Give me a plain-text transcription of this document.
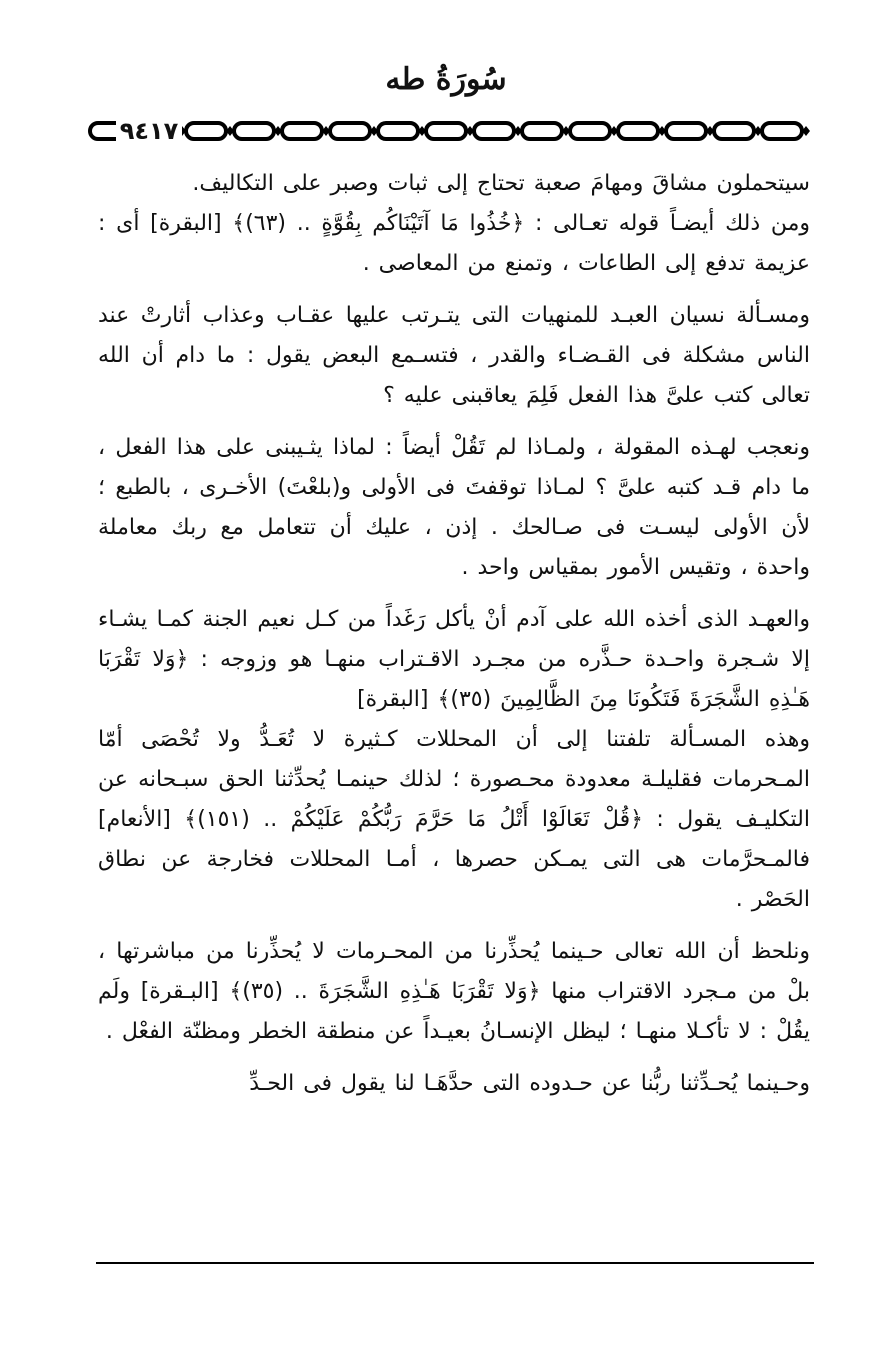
سُورَةُ طه
٩٤١٧

سيتحملون مشاقَ ومهامَ صعبة تحتاج إلى ثبات وصبر على التكاليف.

ومن ذلك أيضـاً قوله تعـالى : ﴿خُذُوا مَا آتَيْنَاكُم بِقُوَّةٍ .. (٦٣)﴾ [البقرة] أى : عزيمة تدفع إلى الطاعات ، وتمنع من المعاصى .

ومسـألة نسيان العبـد للمنهيات التى يتـرتب عليها عقـاب وعذاب أثارتْ عند الناس مشكلة فى القـضـاء والقدر ، فتسـمع البعض يقول : ما دام أن الله تعالى كتب علىَّ هذا الفعل فَلِمَ يعاقبنى عليه ؟

ونعجب لهـذه المقولة ، ولمـاذا لم تَقُلْ أيضاً : لماذا يثـيبنى على هذا الفعل ، ما دام قـد كتبه علىَّ ؟ لمـاذا توقفتَ فى الأولى و(بلعْتَ) الأخـرى ، بالطبع ؛ لأن الأولى ليسـت فى صـالحك . إذن ، عليك أن تتعامل مع ربك معاملة واحدة ، وتقيس الأمور بمقياس واحد .

والعهـد الذى أخذه الله على آدم أنْ يأكل رَغَداً من كـل نعيم الجنة كمـا يشـاء إلا شـجرة واحـدة حـذَّره من مجـرد الاقـتراب منهـا هو وزوجه : ﴿وَلا تَقْرَبَا هَـٰذِهِ الشَّجَرَةَ فَتَكُونَا مِنَ الظَّالِمِينَ (٣٥)﴾ [البقرة]

وهذه المسـألة تلفتنا إلى أن المحللات كـثيرة لا تُعَـدُّ ولا تُحْصَى أمّا المـحرمات فقليلـة معدودة محـصورة ؛ لذلك حينمـا يُحدِّثنا الحق سبـحانه عن التكليـف يقول : ﴿قُلْ تَعَالَوْا أَتْلُ مَا حَرَّمَ رَبُّكُمْ عَلَيْكُمْ .. (١٥١)﴾ [الأنعام] فالمـحرَّمات هى التى يمـكن حصرها ، أمـا المحللات فخارجة عن نطاق الحَصْر .

ونلحظ أن الله تعالى حـينما يُحذِّرنا من المحـرمات لا يُحذِّرنا من مباشرتها ، بلْ من مـجرد الاقتراب منها ﴿وَلا تَقْرَبَا هَـٰذِهِ الشَّجَرَةَ .. (٣٥)﴾ [البـقرة] ولَم يقُلْ : لا تأكـلا منهـا ؛ ليظل الإنسـانُ بعيـداً عن منطقة الخطر ومظنّة الفعْل .

وحـينما يُحـدِّثنا ربُّنا عن حـدوده التى حدَّهَـا لنا يقول فى الحـدِّ
